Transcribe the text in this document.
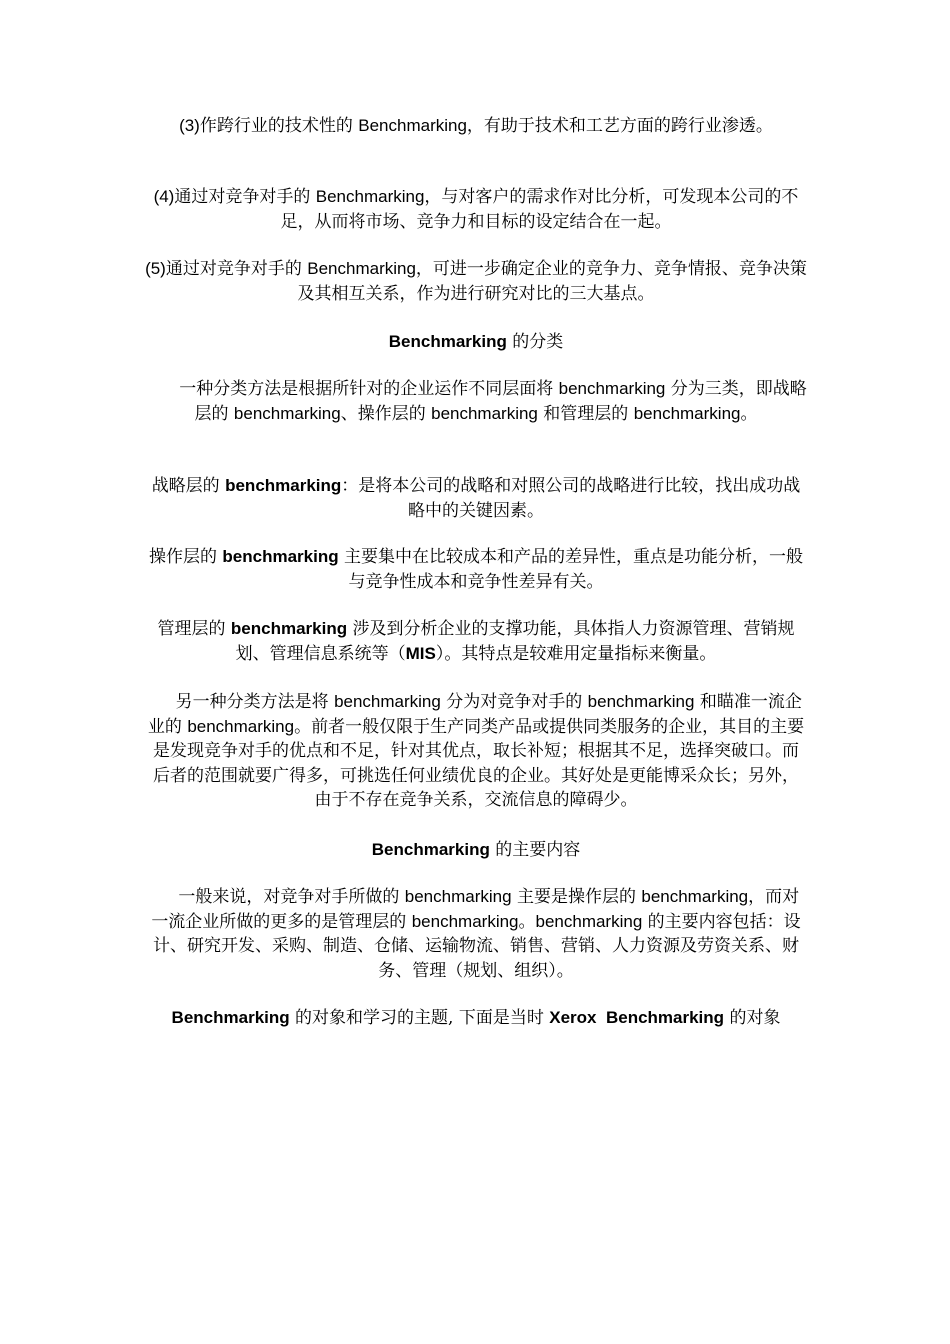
(3)作跨行业的技术性的 Benchmarking，有助于技术和工艺方面的跨行业渗透。

(4)通过对竞争对手的 Benchmarking，与对客户的需求作对比分析，可发现本公司的不足，从而将市场、竞争力和目标的设定结合在一起。

(5)通过对竞争对手的 Benchmarking，可进一步确定企业的竞争力、竞争情报、竞争决策及其相互关系，作为进行研究对比的三大基点。

Benchmarking 的分类

一种分类方法是根据所针对的企业运作不同层面将 benchmarking 分为三类，即战略层的 benchmarking、操作层的 benchmarking 和管理层的 benchmarking。

战略层的 benchmarking：是将本公司的战略和对照公司的战略进行比较，找出成功战略中的关键因素。

操作层的 benchmarking 主要集中在比较成本和产品的差异性，重点是功能分析，一般与竞争性成本和竞争性差异有关。

管理层的 benchmarking 涉及到分析企业的支撑功能，具体指人力资源管理、营销规划、管理信息系统等（MIS）。其特点是较难用定量指标来衡量。

另一种分类方法是将 benchmarking 分为对竞争对手的 benchmarking 和瞄准一流企业的 benchmarking。前者一般仅限于生产同类产品或提供同类服务的企业，其目的主要是发现竞争对手的优点和不足，针对其优点，取长补短；根据其不足，选择突破口。而后者的范围就要广得多，可挑选任何业绩优良的企业。其好处是更能博采众长；另外，由于不存在竞争关系，交流信息的障碍少。

Benchmarking 的主要内容

一般来说，对竞争对手所做的 benchmarking 主要是操作层的 benchmarking，而对一流企业所做的更多的是管理层的 benchmarking。benchmarking 的主要内容包括：设计、研究开发、采购、制造、仓储、运输物流、销售、营销、人力资源及劳资关系、财务、管理（规划、组织）。

Benchmarking 的对象和学习的主题, 下面是当时 Xerox  Benchmarking 的对象
